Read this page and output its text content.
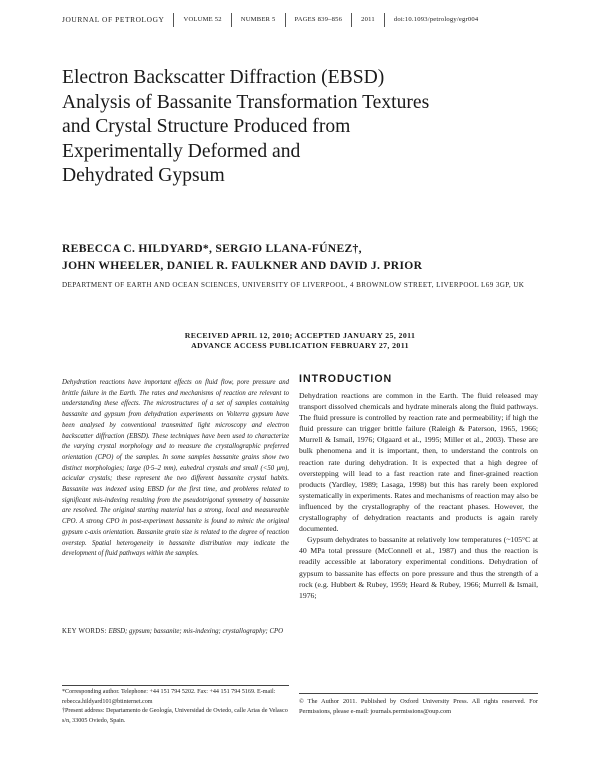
JOURNAL OF PETROLOGY	VOLUME 52	NUMBER 5	PAGES 839–856	2011	doi:10.1093/petrology/egr004
Electron Backscatter Diffraction (EBSD)
Analysis of Bassanite Transformation Textures
and Crystal Structure Produced from
Experimentally Deformed and
Dehydrated Gypsum
REBECCA C. HILDYARD*, SERGIO LLANA-FÚNEZ†,
JOHN WHEELER, DANIEL R. FAULKNER AND DAVID J. PRIOR
DEPARTMENT OF EARTH AND OCEAN SCIENCES, UNIVERSITY OF LIVERPOOL, 4 BROWNLOW STREET, LIVERPOOL L69 3GP, UK
RECEIVED APRIL 12, 2010; ACCEPTED JANUARY 25, 2011
ADVANCE ACCESS PUBLICATION FEBRUARY 27, 2011
Dehydration reactions have important effects on fluid flow, pore pressure and brittle failure in the Earth. The rates and mechanisms of reaction are relevant to understanding these effects. The microstructures of a set of samples containing bassanite and gypsum from dehydration experiments on Volterra gypsum have been analysed by conventional transmitted light microscopy and electron backscatter diffraction (EBSD). These techniques have been used to characterize the varying crystal morphology and to measure the crystallographic preferred orientation (CPO) of the samples. In some samples bassanite grains show two distinct morphologies; large (0·5–2 mm), euhedral crystals and small (<50 μm), acicular crystals; these represent the two different bassanite crystal habits. Bassanite was indexed using EBSD for the first time, and problems related to significant mis-indexing resulting from the pseudotrigonal symmetry of bassanite are resolved. The original starting material has a strong, local and measureable CPO. A strong CPO in post-experiment bassanite is found to mimic the original gypsum c-axis orientation. Bassanite grain size is related to the degree of reaction overstep. Spatial heterogeneity in bassanite distribution may indicate the development of fluid pathways within the samples.
KEY WORDS: EBSD; gypsum; bassanite; mis-indexing; crystallography; CPO
INTRODUCTION

Dehydration reactions are common in the Earth. The fluid released may transport dissolved chemicals and hydrate minerals along the fluid pathways. The fluid pressure is controlled by reaction rate and permeability; if high the fluid pressure can trigger brittle failure (Raleigh & Paterson, 1965, 1966; Murrell & Ismail, 1976; Olgaard et al., 1995; Miller et al., 2003). These are bulk phenomena and it is important, then, to understand the controls on reaction rate during dehydration. It is expected that a high degree of overstepping will lead to a fast reaction rate and finer-grained reaction products (Yardley, 1989; Lasaga, 1998) but this has rarely been explored systematically in experiments. Rates and mechanisms of reaction may also be influenced by the crystallography of the reactant phases. However, the crystallography of dehydration reactants and products is again rarely documented.

Gypsum dehydrates to bassanite at relatively low temperatures (~105°C at 40 MPa total pressure (McConnell et al., 1987) and thus the reaction is readily accessible at laboratory experimental conditions. Dehydration of gypsum to bassanite has effects on pore pressure and thus the strength of a rock (e.g. Hubbert & Rubey, 1959; Heard & Rubey, 1966; Murrell & Ismail, 1976;

*Corresponding author. Telephone: +44 151 794 5202. Fax: +44 151 794 5169. E-mail: rebecca.hildyard101@btinternet.com
†Present address: Departamento de Geología, Universidad de Oviedo, calle Arias de Velasco s/n, 33005 Oviedo, Spain.
© The Author 2011. Published by Oxford University Press. All rights reserved. For Permissions, please e-mail: journals.permissions@oup.com
